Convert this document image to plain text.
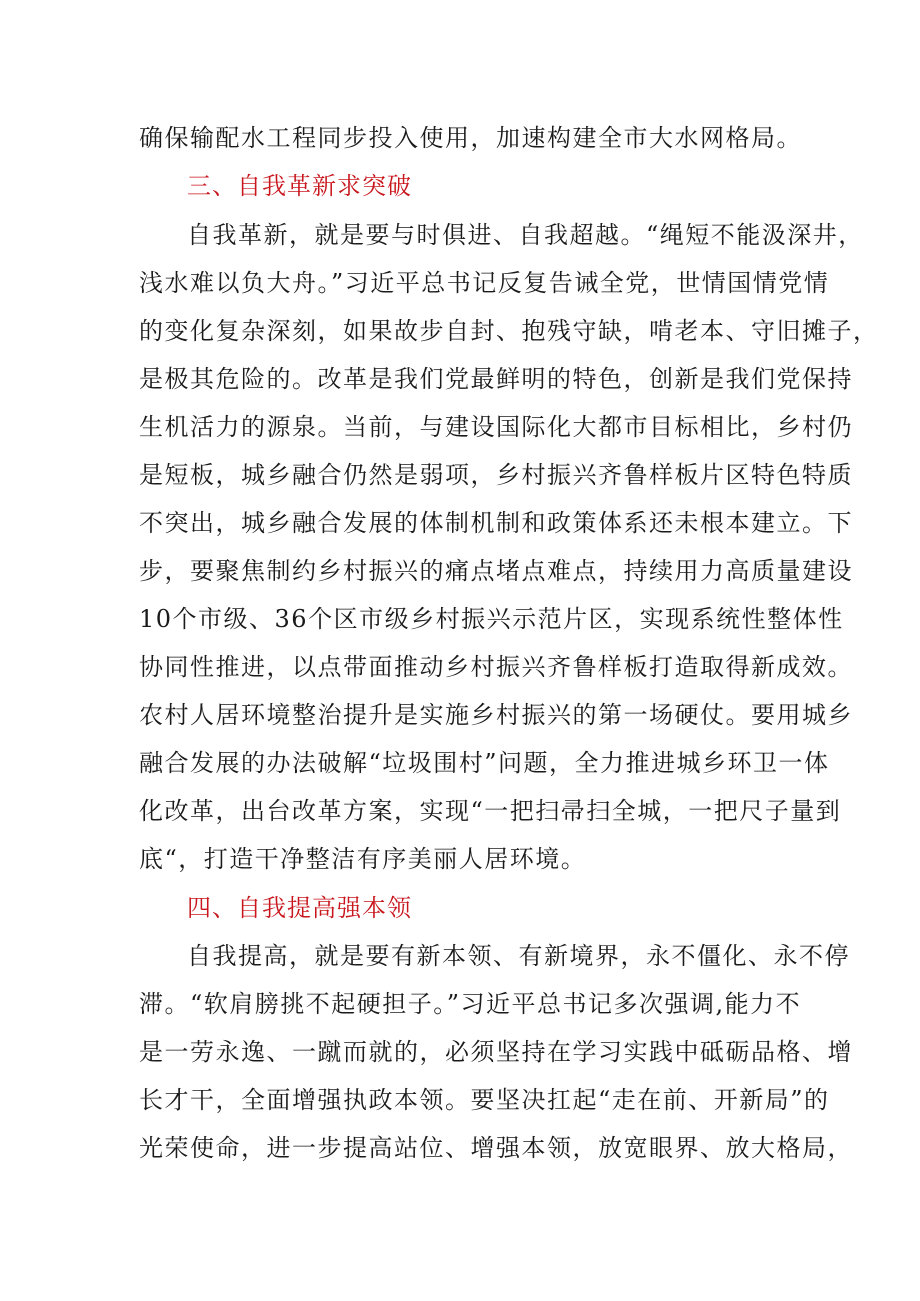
确保输配水工程同步投入使用，加速构建全市大水网格局。
三、自我革新求突破
自我革新，就是要与时俱进、自我超越。“绳短不能汲深井，
浅水难以负大舟。”习近平总书记反复告诫全党，世情国情党情
的变化复杂深刻，如果故步自封、抱残守缺，啃老本、守旧摊子，
是极其危险的。改革是我们党最鲜明的特色，创新是我们党保持
生机活力的源泉。当前，与建设国际化大都市目标相比，乡村仍
是短板，城乡融合仍然是弱项，乡村振兴齐鲁样板片区特色特质
不突出，城乡融合发展的体制机制和政策体系还未根本建立。下
步，要聚焦制约乡村振兴的痛点堵点难点，持续用力高质量建设
10个市级、36个区市级乡村振兴示范片区，实现系统性整体性
协同性推进，以点带面推动乡村振兴齐鲁样板打造取得新成效。
农村人居环境整治提升是实施乡村振兴的第一场硬仗。要用城乡
融合发展的办法破解“垃圾围村”问题，全力推进城乡环卫一体
化改革，出台改革方案，实现“一把扫帚扫全城，一把尺子量到
底“，打造干净整洁有序美丽人居环境。
四、自我提高强本领
自我提高，就是要有新本领、有新境界，永不僵化、永不停
滞。“软肩膀挑不起硬担子。”习近平总书记多次强调,能力不
是一劳永逸、一蹴而就的，必须坚持在学习实践中砥砺品格、增
长才干，全面增强执政本领。要坚决扛起“走在前、开新局”的
光荣使命，进一步提高站位、增强本领，放宽眼界、放大格局，
